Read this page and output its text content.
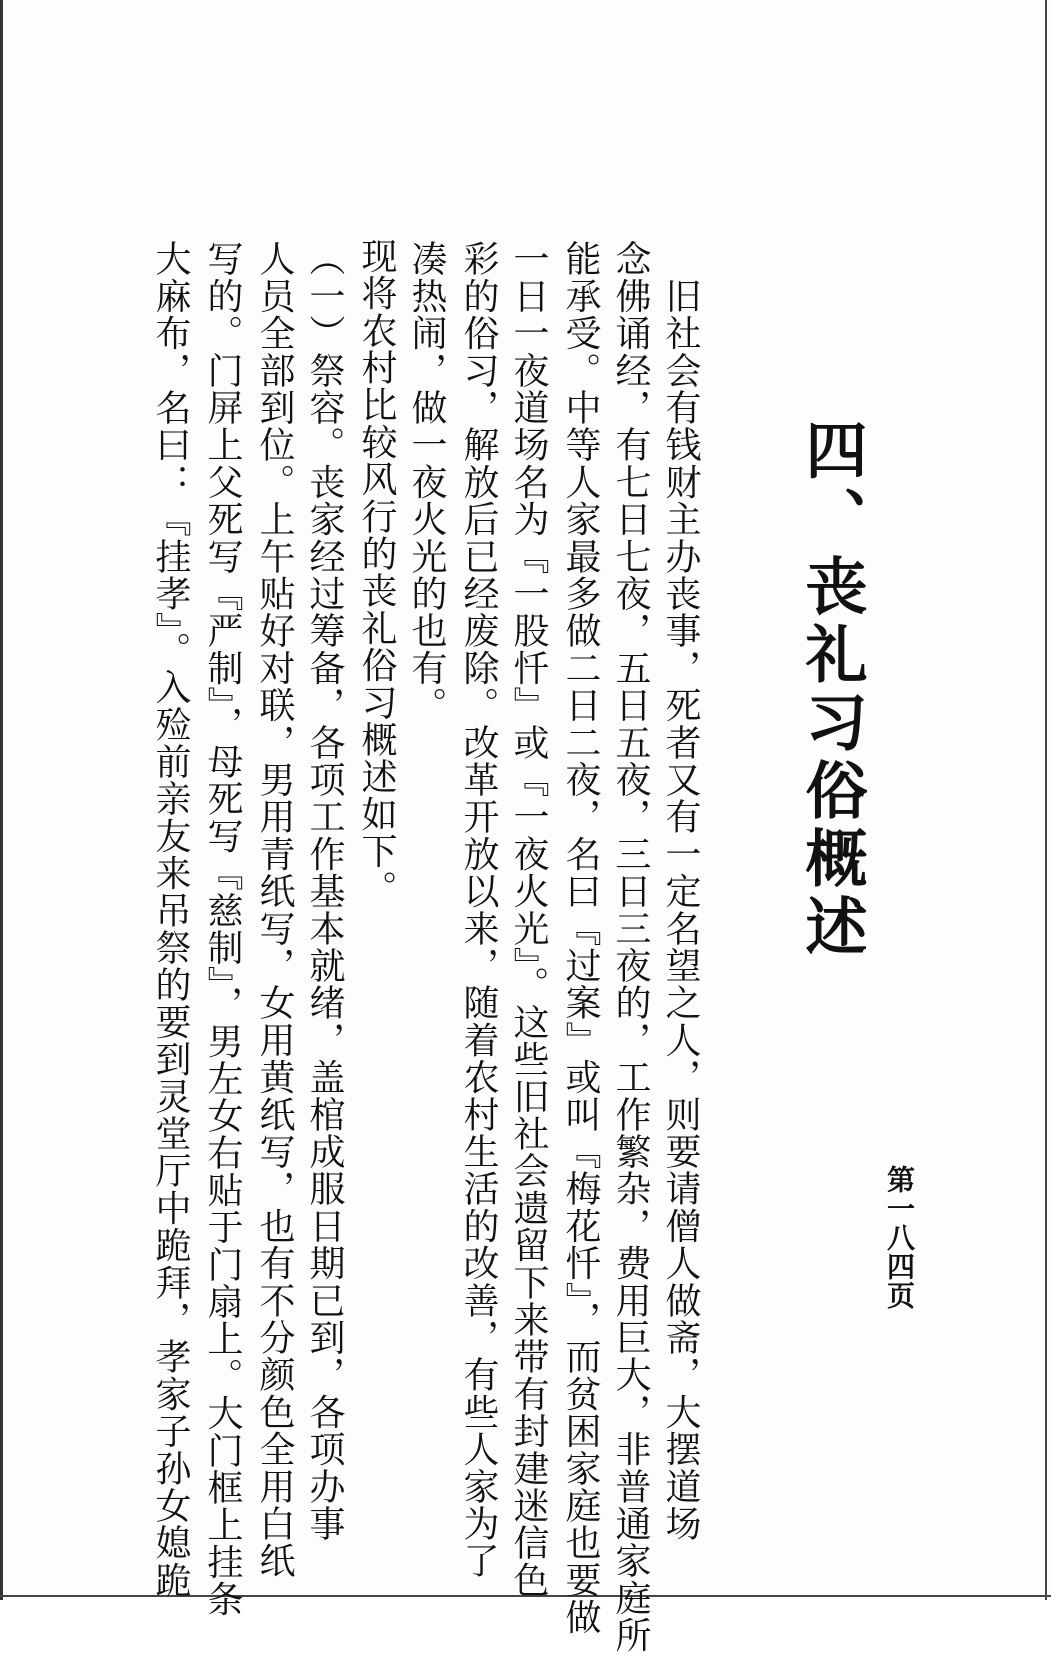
四、丧礼习俗概述
第一八四页
　旧社会有钱财主办丧事，死者又有一定名望之人，则要请僧人做斋，大摆道场
念佛诵经，有七日七夜，五日五夜，三日三夜的，工作繁杂，费用巨大，非普通家庭所
能承受。中等人家最多做二日二夜，名曰『过案』或叫『梅花忏』，而贫困家庭也要做
一日一夜道场名为『一股忏』或『一夜火光』。这些旧社会遗留下来带有封建迷信色
彩的俗习，解放后已经废除。改革开放以来，随着农村生活的改善，有些人家为了
凑热闹，做一夜火光的也有。
　现将农村比较风行的丧礼俗习概述如下。
（一）祭容。丧家经过筹备，各项工作基本就绪，盖棺成服日期已到，各项办事
人员全部到位。上午贴好对联，男用青纸写，女用黄纸写，也有不分颜色全用白纸
写的。门屏上父死写『严制』，母死写『慈制』，男左女右贴于门扇上。大门框上挂条
大麻布，名曰：『挂孝』。入殓前亲友来吊祭的要到灵堂厅中跪拜，孝家子孙女媳跪
